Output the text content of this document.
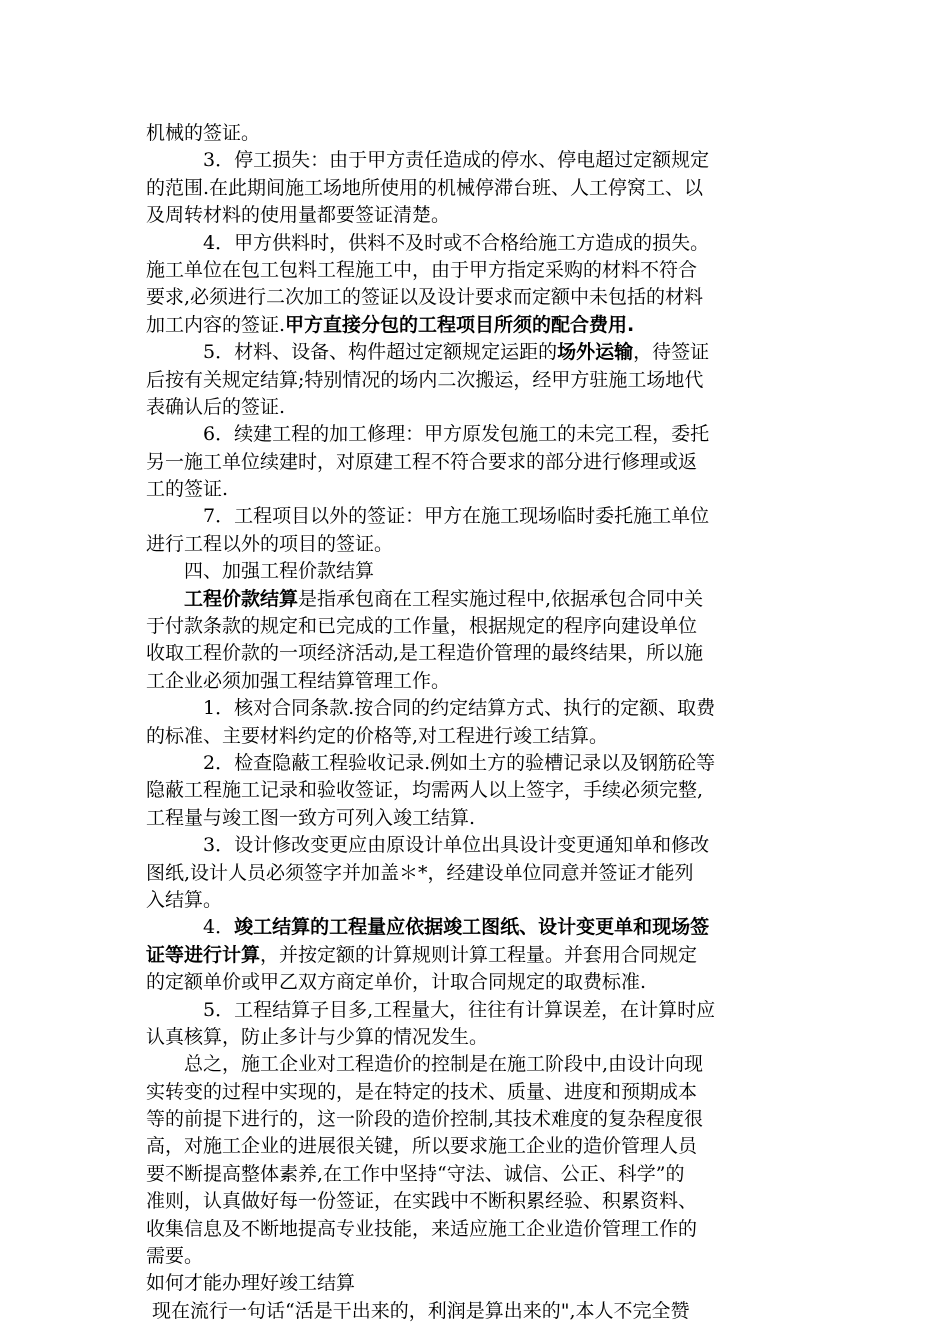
机械的签证。
　　　3．停工损失：由于甲方责任造成的停水、停电超过定额规定
的范围.在此期间施工场地所使用的机械停滞台班、人工停窝工、以
及周转材料的使用量都要签证清楚。
　　　4．甲方供料时，供料不及时或不合格给施工方造成的损失。
施工单位在包工包料工程施工中，由于甲方指定采购的材料不符合
要求,必须进行二次加工的签证以及设计要求而定额中未包括的材料
加工内容的签证.甲方直接分包的工程项目所须的配合费用.
　　　5．材料、设备、构件超过定额规定运距的场外运输，待签证
后按有关规定结算;特别情况的场内二次搬运，经甲方驻施工场地代
表确认后的签证.
　　　6．续建工程的加工修理：甲方原发包施工的未完工程，委托
另一施工单位续建时，对原建工程不符合要求的部分进行修理或返
工的签证.
　　　7．工程项目以外的签证：甲方在施工现场临时委托施工单位
进行工程以外的项目的签证。
　　四、加强工程价款结算
　　工程价款结算是指承包商在工程实施过程中,依据承包合同中关
于付款条款的规定和已完成的工作量，根据规定的程序向建设单位
收取工程价款的一项经济活动,是工程造价管理的最终结果，所以施
工企业必须加强工程结算管理工作。
　　　1．核对合同条款.按合同的约定结算方式、执行的定额、取费
的标准、主要材料约定的价格等,对工程进行竣工结算。
　　　2．检查隐蔽工程验收记录.例如土方的验槽记录以及钢筋砼等
隐蔽工程施工记录和验收签证，均需两人以上签字，手续必须完整,
工程量与竣工图一致方可列入竣工结算.
　　　3．设计修改变更应由原设计单位出具设计变更通知单和修改
图纸,设计人员必须签字并加盖＊*，经建设单位同意并签证才能列
入结算。
　　　4．竣工结算的工程量应依据竣工图纸、设计变更单和现场签
证等进行计算，并按定额的计算规则计算工程量。并套用合同规定
的定额单价或甲乙双方商定单价，计取合同规定的取费标准.
　　　5．工程结算子目多,工程量大，往往有计算误差，在计算时应
认真核算，防止多计与少算的情况发生。
　　总之，施工企业对工程造价的控制是在施工阶段中,由设计向现
实转变的过程中实现的，是在特定的技术、质量、进度和预期成本
等的前提下进行的，这一阶段的造价控制,其技术难度的复杂程度很
高，对施工企业的进展很关键，所以要求施工企业的造价管理人员
要不断提高整体素养,在工作中坚持“守法、诚信、公正、科学”的
准则，认真做好每一份签证，在实践中不断积累经验、积累资料、
收集信息及不断地提高专业技能，来适应施工企业造价管理工作的
需要。
如何才能办理好竣工结算
现在流行一句话“活是干出来的，利润是算出来的",本人不完全赞
